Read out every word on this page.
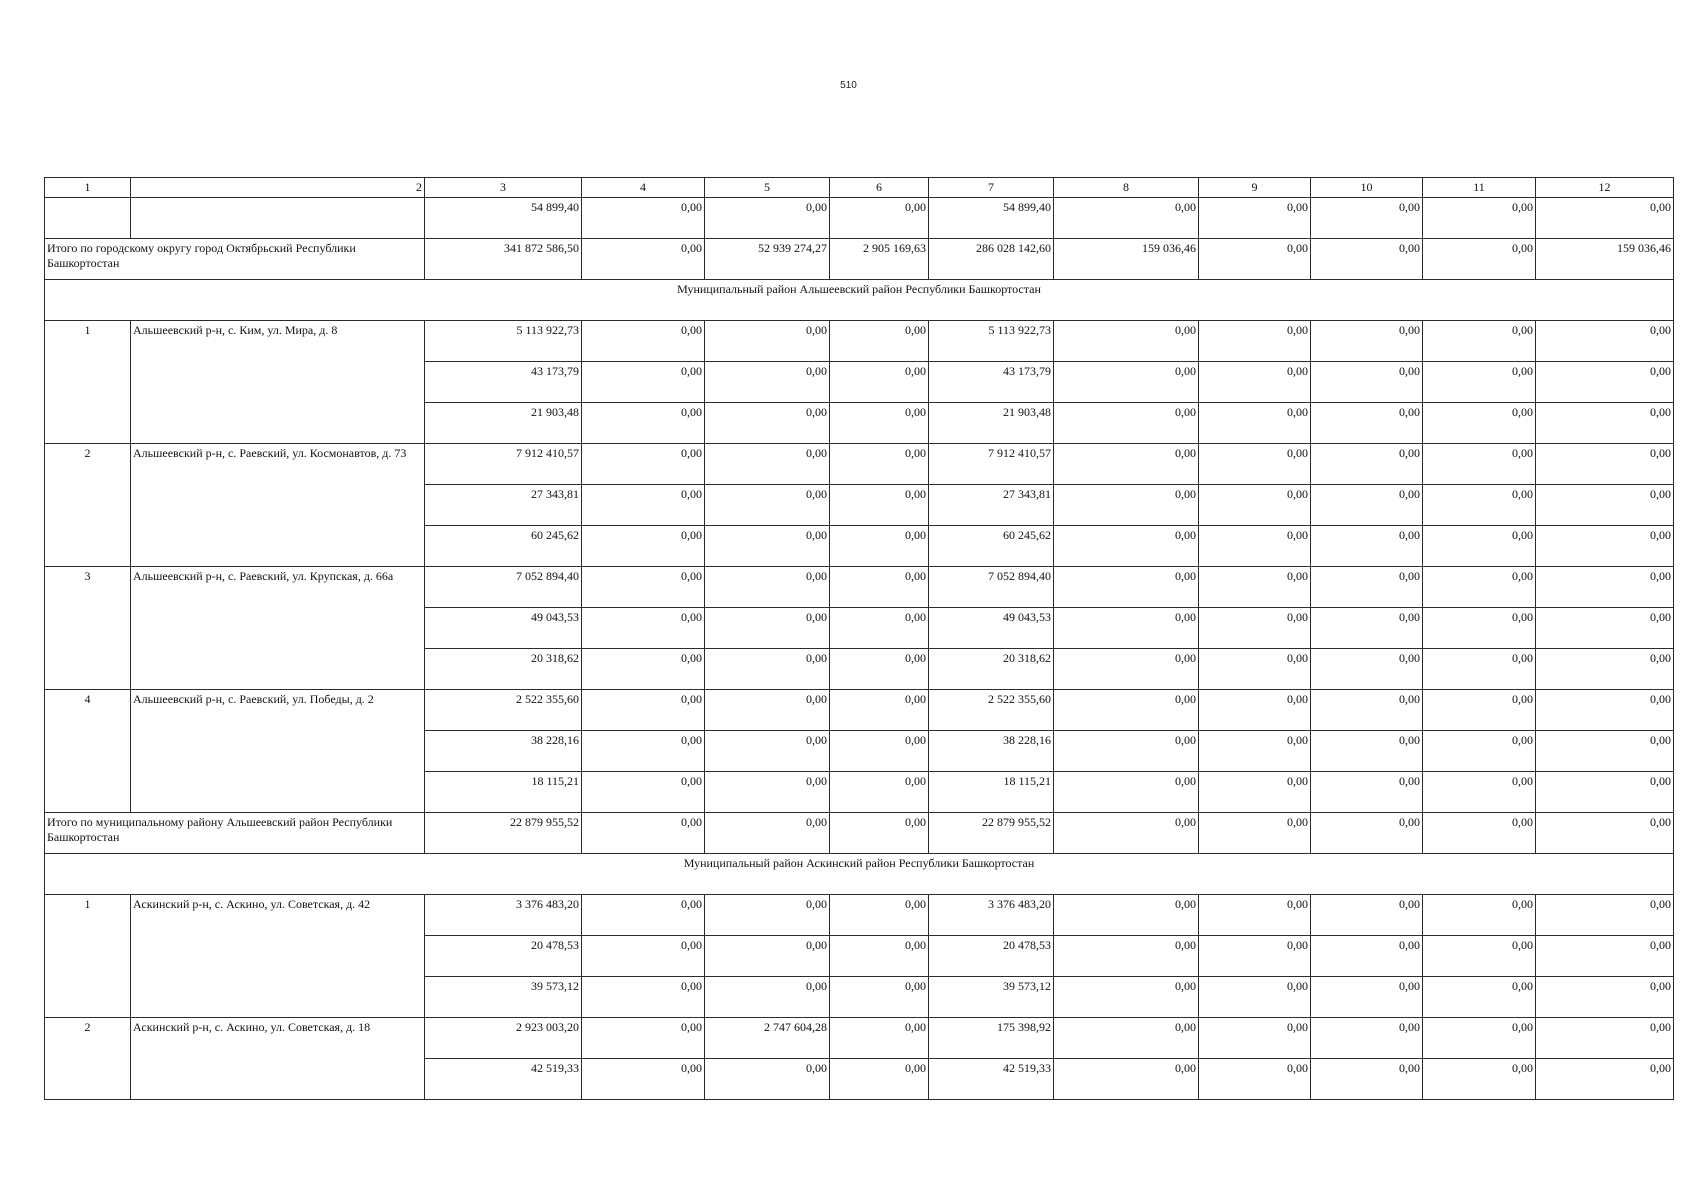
510
1	2	3	4	5	6	7	8	9	10	11	12
		54 899,40	0,00	0,00	0,00	54 899,40	0,00	0,00	0,00	0,00	0,00
Итого по городскому округу город Октябрьский Республики Башкортостан		341 872 586,50	0,00	52 939 274,27	2 905 169,63	286 028 142,60	159 036,46	0,00	0,00	0,00	159 036,46
Муниципальный район Альшеевский район Республики Башкортостан											
1	Альшеевский р-н, с. Ким, ул. Мира, д. 8	5 113 922,73	0,00	0,00	0,00	5 113 922,73	0,00	0,00	0,00	0,00	0,00
		43 173,79	0,00	0,00	0,00	43 173,79	0,00	0,00	0,00	0,00	0,00
		21 903,48	0,00	0,00	0,00	21 903,48	0,00	0,00	0,00	0,00	0,00
2	Альшеевский р-н, с. Раевский, ул. Космонавтов, д. 73	7 912 410,57	0,00	0,00	0,00	7 912 410,57	0,00	0,00	0,00	0,00	0,00
		27 343,81	0,00	0,00	0,00	27 343,81	0,00	0,00	0,00	0,00	0,00
		60 245,62	0,00	0,00	0,00	60 245,62	0,00	0,00	0,00	0,00	0,00
3	Альшеевский р-н, с. Раевский, ул. Крупская, д. 66а	7 052 894,40	0,00	0,00	0,00	7 052 894,40	0,00	0,00	0,00	0,00	0,00
		49 043,53	0,00	0,00	0,00	49 043,53	0,00	0,00	0,00	0,00	0,00
		20 318,62	0,00	0,00	0,00	20 318,62	0,00	0,00	0,00	0,00	0,00
4	Альшеевский р-н, с. Раевский, ул. Победы, д. 2	2 522 355,60	0,00	0,00	0,00	2 522 355,60	0,00	0,00	0,00	0,00	0,00
		38 228,16	0,00	0,00	0,00	38 228,16	0,00	0,00	0,00	0,00	0,00
		18 115,21	0,00	0,00	0,00	18 115,21	0,00	0,00	0,00	0,00	0,00
Итого по муниципальному району Альшеевский район Республики Башкортостан		22 879 955,52	0,00	0,00	0,00	22 879 955,52	0,00	0,00	0,00	0,00	0,00
Муниципальный район Аскинский район Республики Башкортостан											
1	Аскинский р-н, с. Аскино, ул. Советская, д. 42	3 376 483,20	0,00	0,00	0,00	3 376 483,20	0,00	0,00	0,00	0,00	0,00
		20 478,53	0,00	0,00	0,00	20 478,53	0,00	0,00	0,00	0,00	0,00
		39 573,12	0,00	0,00	0,00	39 573,12	0,00	0,00	0,00	0,00	0,00
2	Аскинский р-н, с. Аскино, ул. Советская, д. 18	2 923 003,20	0,00	2 747 604,28	0,00	175 398,92	0,00	0,00	0,00	0,00	0,00
		42 519,33	0,00	0,00	0,00	42 519,33	0,00	0,00	0,00	0,00	0,00
